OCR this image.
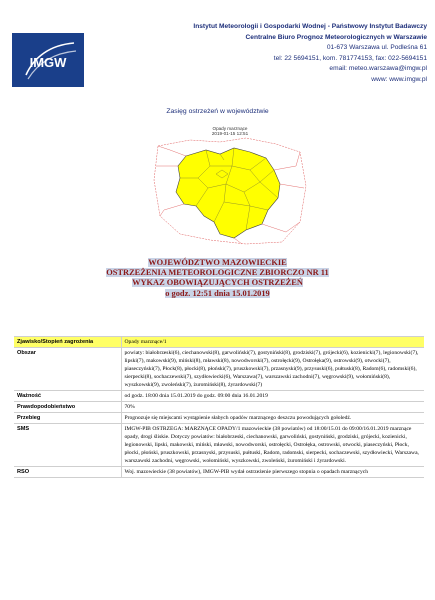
IMGW
Instytut Meteorologii i Gospodarki Wodnej - Państwowy Instytut Badawczy
Centralne Biuro Prognoz Meteorologicznych w Warszawie
01-673 Warszawa ul. Podleśna 61
tel: 22 5694151, kom. 781774153, fax: 022-5694151
email: meteo.warszawa@imgw.pl
www: www.imgw.pl
Zasięg ostrzeżeń w województwie
Opady marznące
2019-01-15 12:51
WOJEWÓDZTWO MAZOWIECKIE
OSTRZEŻENIA METEOROLOGICZNE ZBIORCZO NR 11
WYKAZ OBOWIĄZUJĄCYCH OSTRZEŻEŃ
o godz. 12:51 dnia 15.01.2019
Zjawisko/Stopień zagrożenia	Opady marznące/1
Obszar	powiaty: białobrzeski(6), ciechanowski(8), garwoliński(7), gostyniński(8), grodziski(7), grójecki(6), kozienicki(7), legionowski(7), lipski(7), makowski(9), miński(8), mławski(8), nowodworski(7), ostrołęcki(9), Ostrołęka(9), ostrowski(9), otwocki(7), piaseczyński(7), Płock(8), płocki(8), płoński(7), pruszkowski(7), przasnyski(9), przysuski(6), pułtuski(8), Radom(6), radomski(6), sierpecki(8), sochaczewski(7), szydłowiecki(6), Warszawa(7), warszawski zachodni(7), węgrowski(9), wołomiński(8), wyszkowski(9), zwoleński(7), żuromiński(8), żyrardowski(7)
Ważność	od godz. 18:00 dnia 15.01.2019 do godz. 09:00 dnia 16.01.2019
Prawdopodobieństwo	70%
Przebieg	Prognozuje się miejscami wystąpienie słabych opadów marznącego deszczu powodujących gołoledź.
SMS	IMGW-PIB OSTRZEGA: MARZNĄCE OPADY/1 mazowieckie (38 powiatów) od 18:00/15.01 do 09:00/16.01.2019 marznące opady, drogi śliskie. Dotyczy powiatów: białobrzeski, ciechanowski, garwoliński, gostyniński, grodziski, grójecki, kozienicki, legionowski, lipski, makowski, miński, mławski, nowodworski, ostrołęcki, Ostrołęka, ostrowski, otwocki, piaseczyński, Płock, płocki, płoński, pruszkowski, przasnyski, przysuski, pułtuski, Radom, radomski, sierpecki, sochaczewski, szydłowiecki, Warszawa, warszawski zachodni, węgrowski, wołomiński, wyszkowski, zwoleński, żuromiński i żyrardowski.
RSO	Woj. mazowieckie (38 powiatów), IMGW-PIB wydał ostrzeżenie pierwszego stopnia o opadach marznących
